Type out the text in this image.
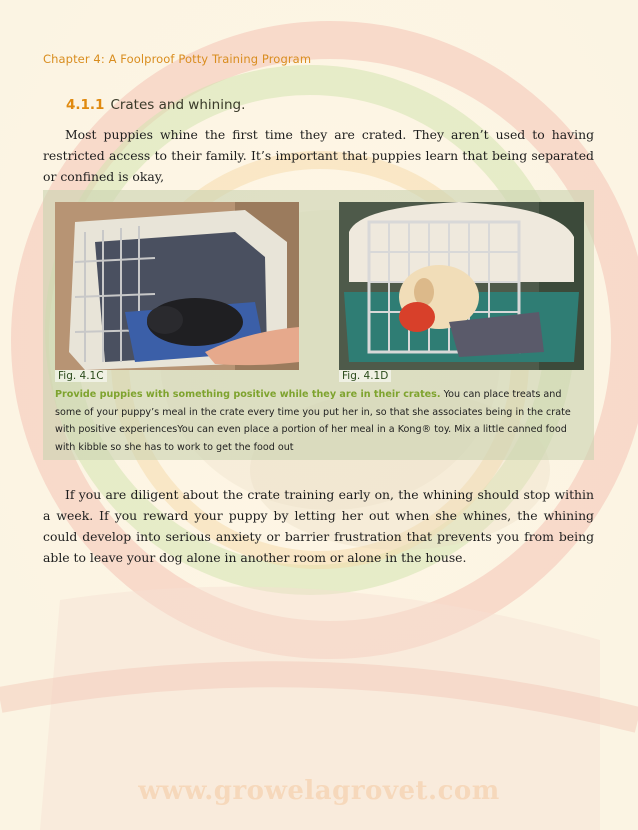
Chapter 4: A Foolproof Potty Training Program
4.1.1 Crates and whining.

Most puppies whine the first time they are crated. They aren’t used to having restricted access to their family. It’s important that puppies learn that being separated or confined is okay,

Fig. 4.1C	Fig. 4.1D

Provide puppies with something positive while they are in their crates. You can place treats and some of your puppy’s meal in the crate every time you put her in, so that she associates being in the crate with positive experiencesYou can even place a portion of her meal in a Kong® toy. Mix a little canned food with kibble so she has to work to get the food out

If you are diligent about the crate training early on, the whining should stop within a week. If you reward your puppy by letting her out when she whines, the whining could develop into serious anxiety or barrier frustration that prevents you from being able to leave your dog alone in another room or alone in the house.

www.growelagrovet.com
